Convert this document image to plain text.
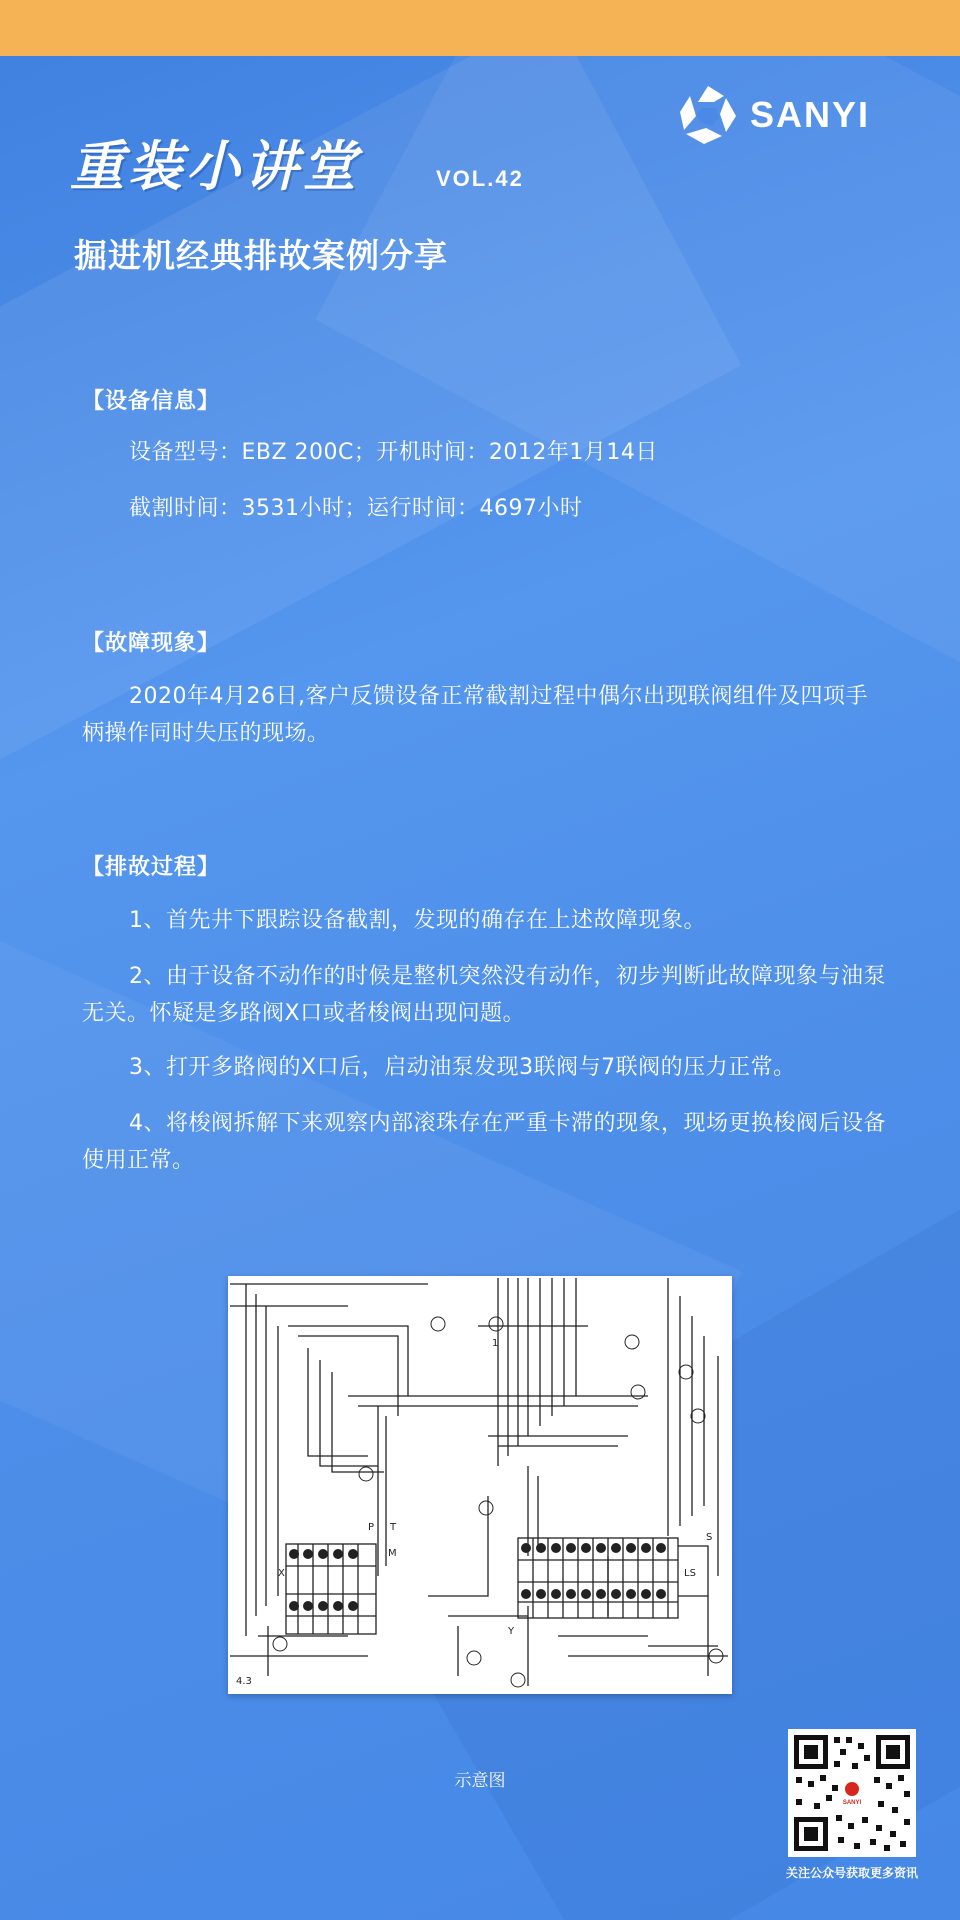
SANYI
重装小讲堂	VOL.42
掘进机经典排故案例分享
【设备信息】
设备型号：EBZ 200C；开机时间：2012年1月14日
截割时间：3531小时；运行时间：4697小时
【故障现象】
2020年4月26日,客户反馈设备正常截割过程中偶尔出现联阀组件及四项手柄操作同时失压的现场。
【排故过程】
1、首先井下跟踪设备截割，发现的确存在上述故障现象。
2、由于设备不动作的时候是整机突然没有动作，初步判断此故障现象与油泵无关。怀疑是多路阀X口或者梭阀出现问题。
3、打开多路阀的X口后，启动油泵发现3联阀与7联阀的压力正常。
4、将梭阀拆解下来观察内部滚珠存在严重卡滞的现象，现场更换梭阀后设备使用正常。
P T
X
Y
LS
M
1
4.3
S
示意图
SANYI
关注公众号获取更多资讯
